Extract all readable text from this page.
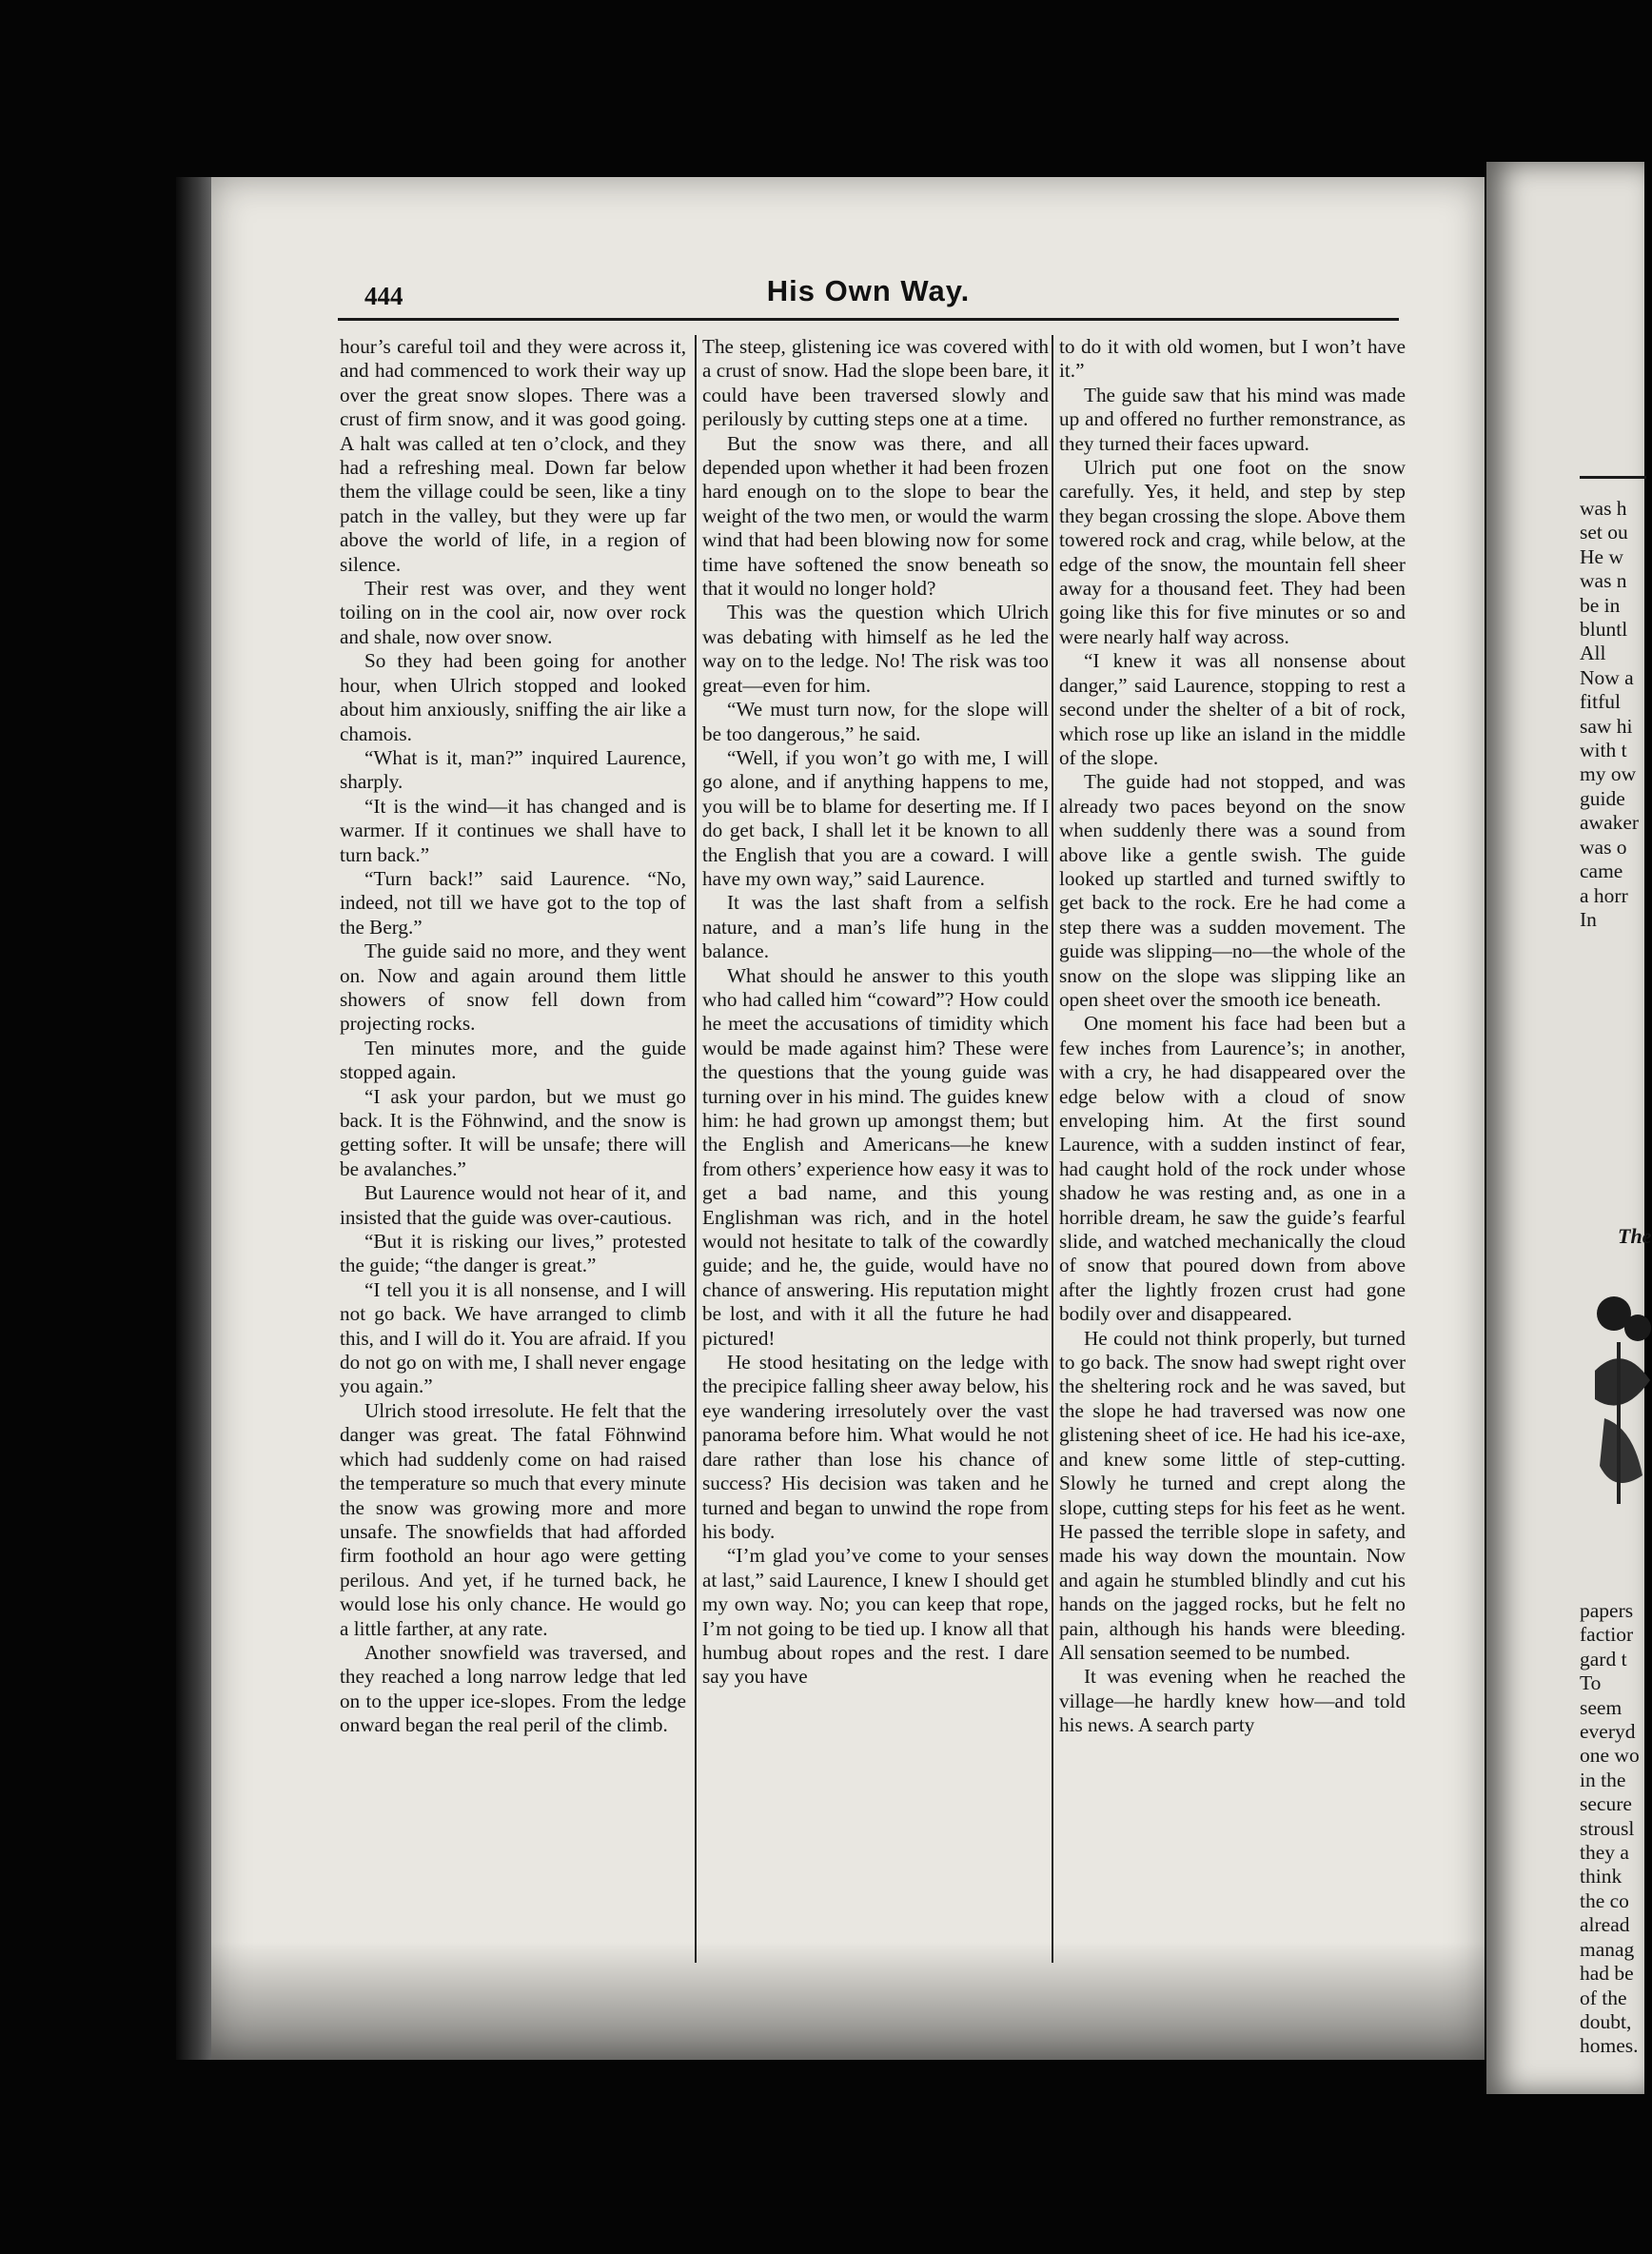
was h
set ou
He w
was n
be in
bluntl
All
Now a
fitful
saw hi
with t
my ow
guide
awaker
was o
came
a horr
In
The
papers
factior
gard t
To
seem
everyd
one wo
in the
secure
strousl
they a
think
the co
alread
manag
had be
of the
doubt,
homes.
444	His Own Way.

hour’s careful toil and they were across it, and had commenced to work their way up over the great snow slopes. There was a crust of firm snow, and it was good going. A halt was called at ten o’clock, and they had a refreshing meal. Down far below them the village could be seen, like a tiny patch in the valley, but they were up far above the world of life, in a region of silence.

Their rest was over, and they went toiling on in the cool air, now over rock and shale, now over snow.

So they had been going for another hour, when Ulrich stopped and looked about him anxiously, sniffing the air like a chamois.

“What is it, man?” inquired Laurence, sharply.

“It is the wind—it has changed and is warmer. If it continues we shall have to turn back.”

“Turn back!” said Laurence. “No, indeed, not till we have got to the top of the Berg.”

The guide said no more, and they went on. Now and again around them little showers of snow fell down from projecting rocks.

Ten minutes more, and the guide stopped again.

“I ask your pardon, but we must go back. It is the Föhnwind, and the snow is getting softer. It will be unsafe; there will be avalanches.”

But Laurence would not hear of it, and insisted that the guide was over-cautious.

“But it is risking our lives,” protested the guide; “the danger is great.”

“I tell you it is all nonsense, and I will not go back. We have arranged to climb this, and I will do it. You are afraid. If you do not go on with me, I shall never engage you again.”

Ulrich stood irresolute. He felt that the danger was great. The fatal Föhnwind which had suddenly come on had raised the temperature so much that every minute the snow was growing more and more unsafe. The snowfields that had afforded firm foothold an hour ago were getting perilous. And yet, if he turned back, he would lose his only chance. He would go a little farther, at any rate.

Another snowfield was traversed, and they reached a long narrow ledge that led on to the upper ice-slopes. From the ledge onward began the real peril of the climb.

The steep, glistening ice was covered with a crust of snow. Had the slope been bare, it could have been traversed slowly and perilously by cutting steps one at a time.

But the snow was there, and all depended upon whether it had been frozen hard enough on to the slope to bear the weight of the two men, or would the warm wind that had been blowing now for some time have softened the snow beneath so that it would no longer hold?

This was the question which Ulrich was debating with himself as he led the way on to the ledge. No! The risk was too great—even for him.

“We must turn now, for the slope will be too dangerous,” he said.

“Well, if you won’t go with me, I will go alone, and if anything happens to me, you will be to blame for deserting me. If I do get back, I shall let it be known to all the English that you are a coward. I will have my own way,” said Laurence.

It was the last shaft from a selfish nature, and a man’s life hung in the balance.

What should he answer to this youth who had called him “coward”? How could he meet the accusations of timidity which would be made against him? These were the questions that the young guide was turning over in his mind. The guides knew him: he had grown up amongst them; but the English and Americans—he knew from others’ experience how easy it was to get a bad name, and this young Englishman was rich, and in the hotel would not hesitate to talk of the cowardly guide; and he, the guide, would have no chance of answering. His reputation might be lost, and with it all the future he had pictured!

He stood hesitating on the ledge with the precipice falling sheer away below, his eye wandering irresolutely over the vast panorama before him. What would he not dare rather than lose his chance of success? His decision was taken and he turned and began to unwind the rope from his body.

“I’m glad you’ve come to your senses at last,” said Laurence, I knew I should get my own way. No; you can keep that rope, I’m not going to be tied up. I know all that humbug about ropes and the rest. I dare say you have

to do it with old women, but I won’t have it.”

The guide saw that his mind was made up and offered no further remonstrance, as they turned their faces upward.

Ulrich put one foot on the snow carefully. Yes, it held, and step by step they began crossing the slope. Above them towered rock and crag, while below, at the edge of the snow, the mountain fell sheer away for a thousand feet. They had been going like this for five minutes or so and were nearly half way across.

“I knew it was all nonsense about danger,” said Laurence, stopping to rest a second under the shelter of a bit of rock, which rose up like an island in the middle of the slope.

The guide had not stopped, and was already two paces beyond on the snow when suddenly there was a sound from above like a gentle swish. The guide looked up startled and turned swiftly to get back to the rock. Ere he had come a step there was a sudden movement. The guide was slipping—no—the whole of the snow on the slope was slipping like an open sheet over the smooth ice beneath.

One moment his face had been but a few inches from Laurence’s; in another, with a cry, he had disappeared over the edge below with a cloud of snow enveloping him. At the first sound Laurence, with a sudden instinct of fear, had caught hold of the rock under whose shadow he was resting and, as one in a horrible dream, he saw the guide’s fearful slide, and watched mechanically the cloud of snow that poured down from above after the lightly frozen crust had gone bodily over and disappeared.

He could not think properly, but turned to go back. The snow had swept right over the sheltering rock and he was saved, but the slope he had traversed was now one glistening sheet of ice. He had his ice-axe, and knew some little of step-cutting. Slowly he turned and crept along the slope, cutting steps for his feet as he went. He passed the terrible slope in safety, and made his way down the mountain. Now and again he stumbled blindly and cut his hands on the jagged rocks, but he felt no pain, although his hands were bleeding. All sensation seemed to be numbed.

It was evening when he reached the village—he hardly knew how—and told his news. A search party
